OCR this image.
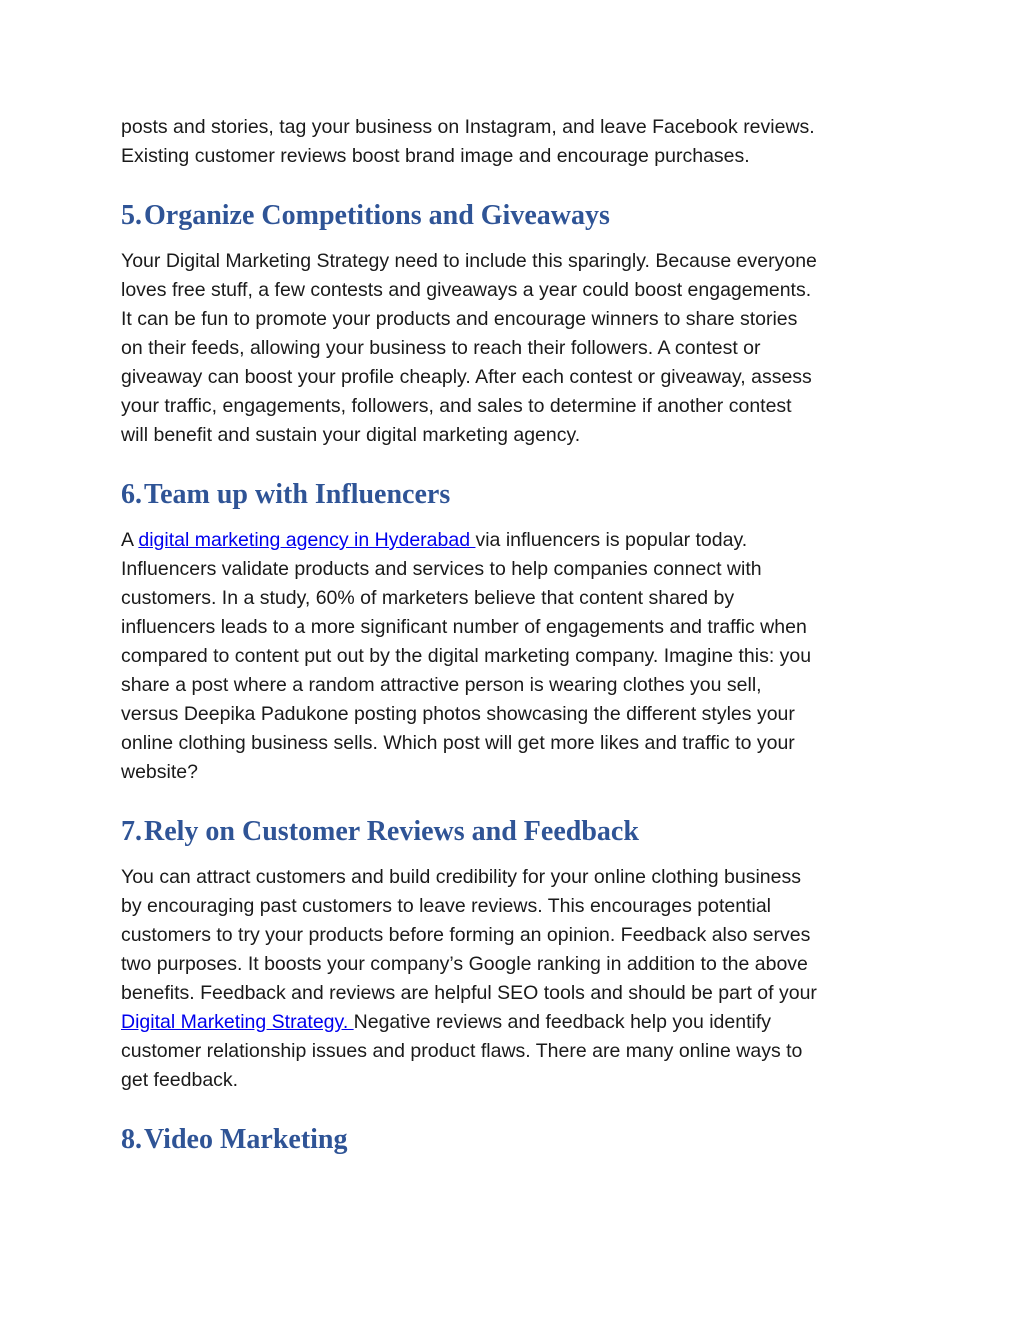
posts and stories, tag your business on Instagram, and leave Facebook reviews.

Existing customer reviews boost brand image and encourage purchases.

5.Organize Competitions and Giveaways

Your Digital Marketing Strategy need to include this sparingly. Because everyone

loves free stuff, a few contests and giveaways a year could boost engagements.

It can be fun to promote your products and encourage winners to share stories

on their feeds, allowing your business to reach their followers. A contest or

giveaway can boost your profile cheaply. After each contest or giveaway, assess

your traffic, engagements, followers, and sales to determine if another contest

will benefit and sustain your digital marketing agency.

6.Team up with Influencers

A digital marketing agency in Hyderabad via influencers is popular today.

Influencers validate products and services to help companies connect with

customers. In a study, 60% of marketers believe that content shared by

influencers leads to a more significant number of engagements and traffic when

compared to content put out by the digital marketing company. Imagine this: you

share a post where a random attractive person is wearing clothes you sell,

versus Deepika Padukone posting photos showcasing the different styles your

online clothing business sells. Which post will get more likes and traffic to your

website?

7.Rely on Customer Reviews and Feedback

You can attract customers and build credibility for your online clothing business

by encouraging past customers to leave reviews. This encourages potential

customers to try your products before forming an opinion. Feedback also serves

two purposes. It boosts your company’s Google ranking in addition to the above

benefits. Feedback and reviews are helpful SEO tools and should be part of your

Digital Marketing Strategy. Negative reviews and feedback help you identify

customer relationship issues and product flaws. There are many online ways to

get feedback.

8.Video Marketing
